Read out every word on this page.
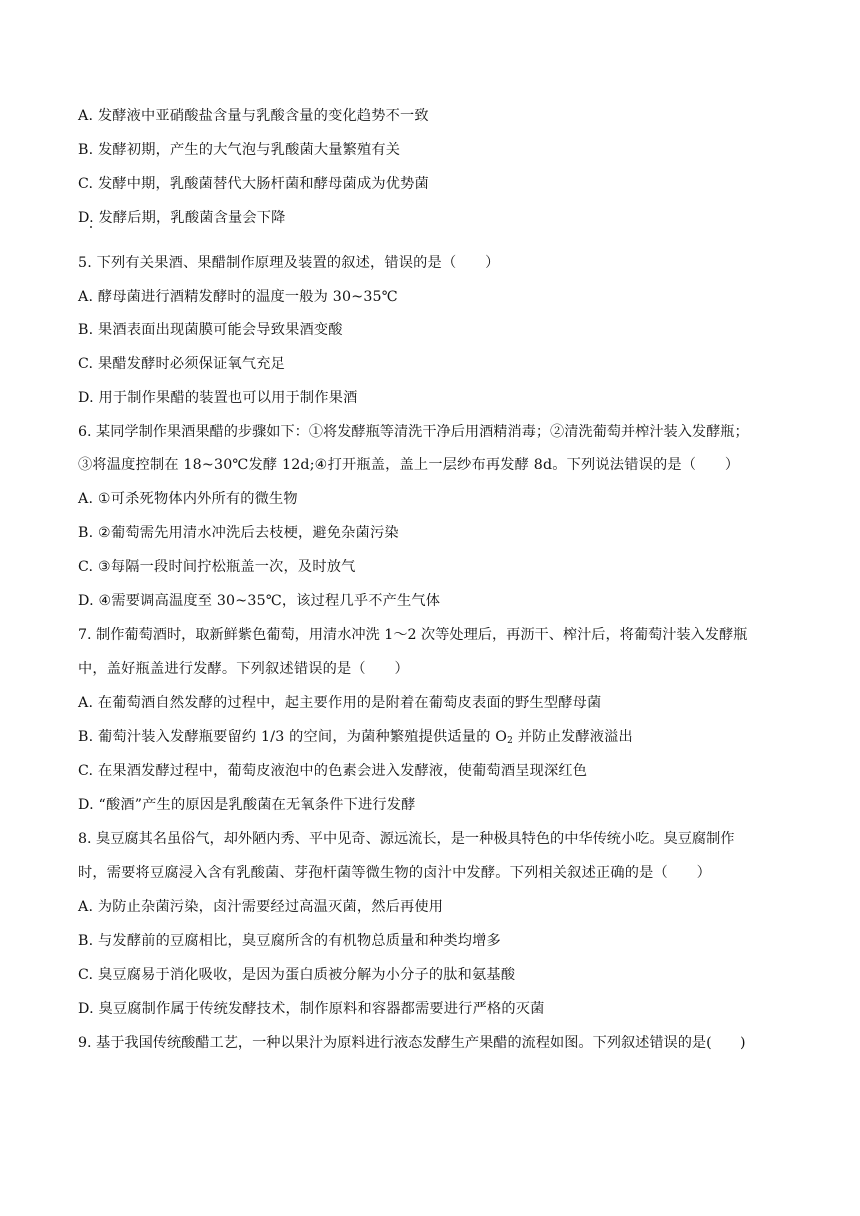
A. 发酵液中亚硝酸盐含量与乳酸含量的变化趋势不一致
B. 发酵初期，产生的大气泡与乳酸菌大量繁殖有关
C. 发酵中期，乳酸菌替代大肠杆菌和酵母菌成为优势菌
D. 发酵后期，乳酸菌含量会下降
5. 下列有关果酒、果醋制作原理及装置的叙述，错误的是（　　）
A. 酵母菌进行酒精发酵时的温度一般为 30~35℃
B. 果酒表面出现菌膜可能会导致果酒变酸
C. 果醋发酵时必须保证氧气充足
D. 用于制作果醋的装置也可以用于制作果酒
6. 某同学制作果酒果醋的步骤如下：①将发酵瓶等清洗干净后用酒精消毒；②清洗葡萄并榨汁装入发酵瓶；
③将温度控制在 18~30℃发酵 12d;④打开瓶盖，盖上一层纱布再发酵 8d。下列说法错误的是（　　）
A. ①可杀死物体内外所有的微生物
B. ②葡萄需先用清水冲洗后去枝梗，避免杂菌污染
C. ③每隔一段时间拧松瓶盖一次，及时放气
D. ④需要调高温度至 30~35℃，该过程几乎不产生气体
7. 制作葡萄酒时，取新鲜紫色葡萄，用清水冲洗 1～2 次等处理后，再沥干、榨汁后，将葡萄汁装入发酵瓶
中，盖好瓶盖进行发酵。下列叙述错误的是（　　）
A. 在葡萄酒自然发酵的过程中，起主要作用的是附着在葡萄皮表面的野生型酵母菌
B. 葡萄汁装入发酵瓶要留约 1/3 的空间，为菌种繁殖提供适量的 $O_2$ 并防止发酵液溢出
C. 在果酒发酵过程中，葡萄皮液泡中的色素会进入发酵液，使葡萄酒呈现深红色
D. “酸酒”产生的原因是乳酸菌在无氧条件下进行发酵
8. 臭豆腐其名虽俗气，却外陋内秀、平中见奇、源远流长，是一种极具特色的中华传统小吃。臭豆腐制作
时，需要将豆腐浸入含有乳酸菌、芽孢杆菌等微生物的卤汁中发酵。下列相关叙述正确的是（　　）
A. 为防止杂菌污染，卤汁需要经过高温灭菌，然后再使用
B. 与发酵前的豆腐相比，臭豆腐所含的有机物总质量和种类均增多
C. 臭豆腐易于消化吸收，是因为蛋白质被分解为小分子的肽和氨基酸
D. 臭豆腐制作属于传统发酵技术，制作原料和容器都需要进行严格的灭菌
9. 基于我国传统酸醋工艺，一种以果汁为原料进行液态发酵生产果醋的流程如图。下列叙述错误的是(　　)
